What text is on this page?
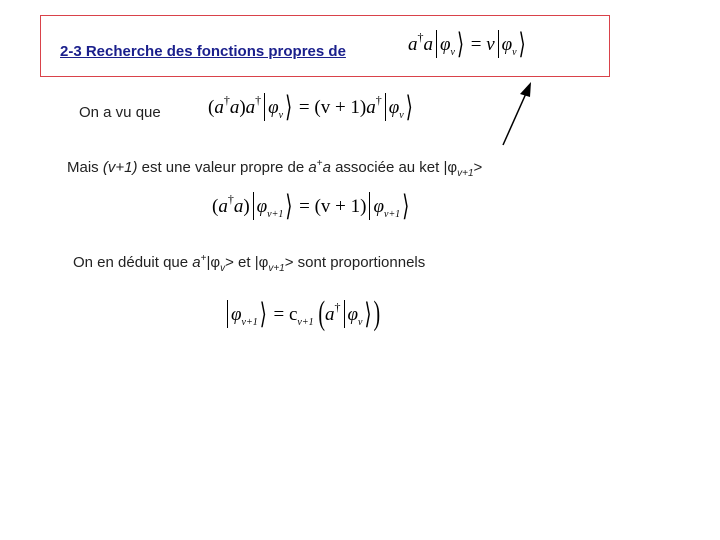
2-3 Recherche des fonctions propres de	a†a $\varphi_v$ ⟩ = v $\varphi_v$ ⟩
On a vu que (a†a)a† $\varphi_v$ ⟩ = (v + 1)a† $\varphi_v$ ⟩
Mais (v+1) est une valeur propre de a+a associée au ket $|\varphi_{v+1}>$
(a†a) $\varphi_{v+1}$ ⟩ = (v + 1) $\varphi_{v+1}$ ⟩
On en déduit que $a^+|\varphi_v>$ et $|\varphi_{v+1}>$ sont proportionnels
$\varphi_{v+1}$ ⟩ = $c_{v+1}$ (a† $\varphi_v$ ⟩ )
